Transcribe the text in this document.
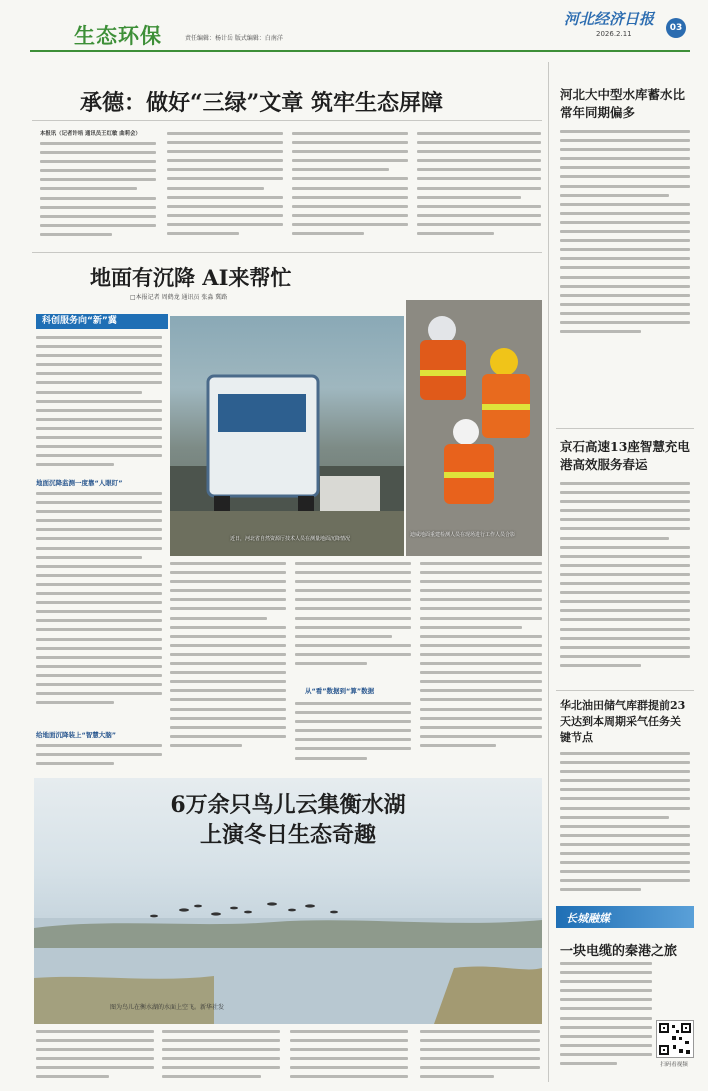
生态环保	责任编辑：杨计岳 版式编辑：白南洋
河北经济日报
2026.2.11
03
承德：做好“三绿”文章 筑牢生态屏障
本报讯（记者许培 通讯员王红敏 曲莉会）
地面有沉降 AI来帮忙
□本报记者 周鹤龙 通讯员 张淼 冀路
科创服务向“新”冀
地面沉降监测一度靠“人眼盯”
给地面沉降装上“智慧大脑”
近日，河北省自然资源厅技术人员在测量地面沉降情况
迪威地面重建检测人员在现场进行工作人员合影
从“看”数据到“算”数据
6万余只鸟儿云集衡水湖
上演冬日生态奇趣
图为鸟儿在衡水湖的水面上空飞。新华社发
河北大中型水库蓄水比常年同期偏多
京石高速13座智慧充电港高效服务春运
华北油田储气库群提前23天达到本周期采气任务关键节点
长城融媒
一块电缆的秦港之旅
扫码看视频
